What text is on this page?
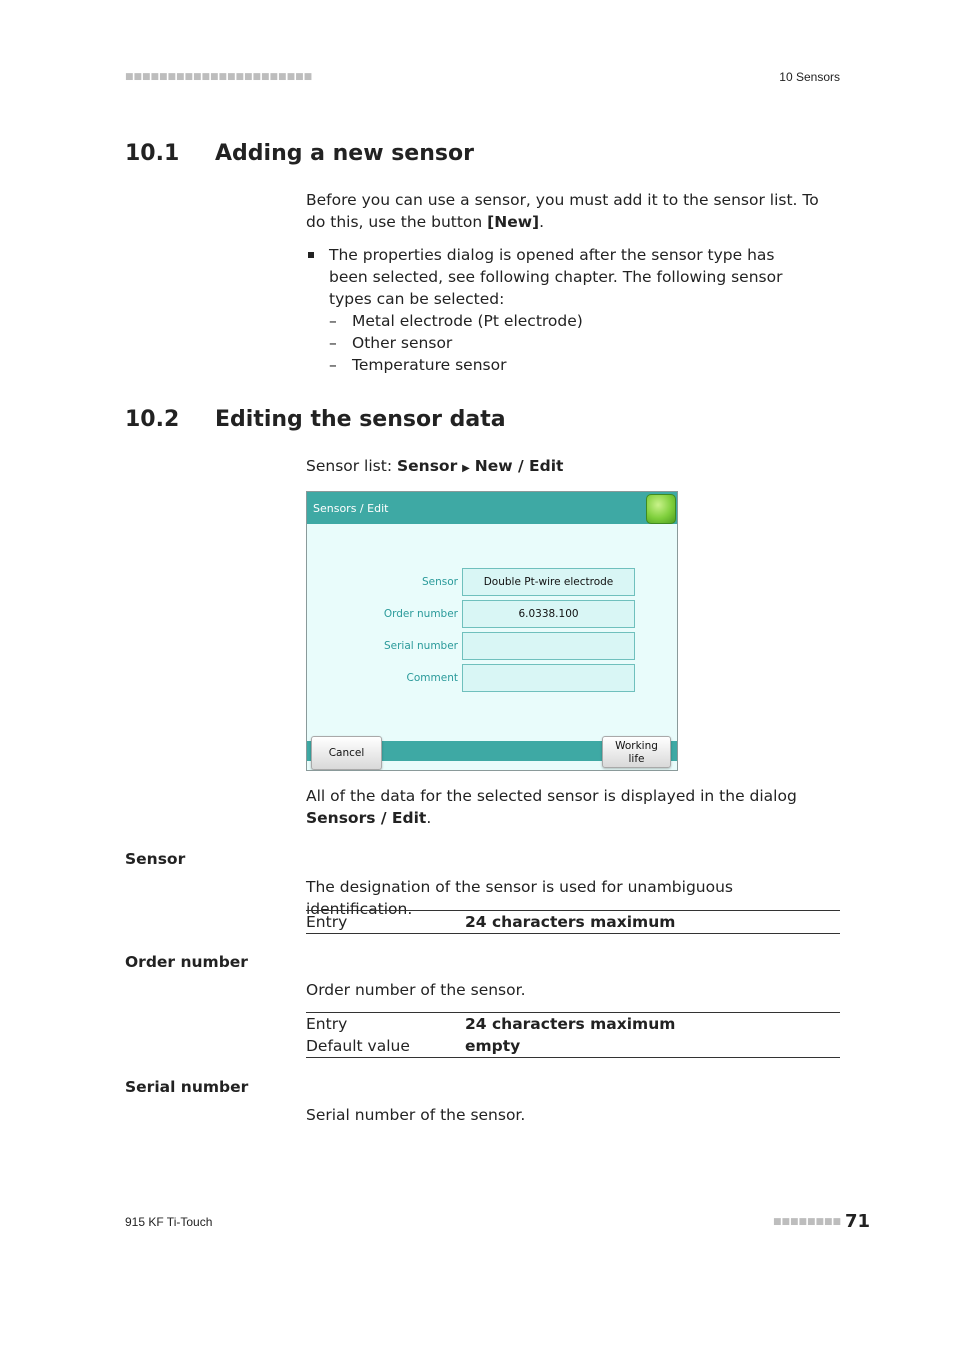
■■■■■■■■■■■■■■■■■■■■■■	10 Sensors
10.1 Adding a new sensor
Before you can use a sensor, you must add it to the sensor list. To do this, use the button [New].
The properties dialog is opened after the sensor type has been selected, see following chapter. The following sensor types can be selected:
– Metal electrode (Pt electrode)
– Other sensor
– Temperature sensor
10.2 Editing the sensor data
Sensor list: Sensor ▶ New / Edit
Sensors / Edit
Sensor	Double Pt-wire electrode
Order number	6.0338.100
Serial number
Comment
Cancel
Working
life
All of the data for the selected sensor is displayed in the dialog Sensors / Edit.
Sensor
The designation of the sensor is used for unambiguous identification.
Entry	24 characters maximum
Order number
Order number of the sensor.
Entry	24 characters maximum
Default value	empty
Serial number
Serial number of the sensor.
915 KF Ti-Touch	■■■■■■■■ 71
